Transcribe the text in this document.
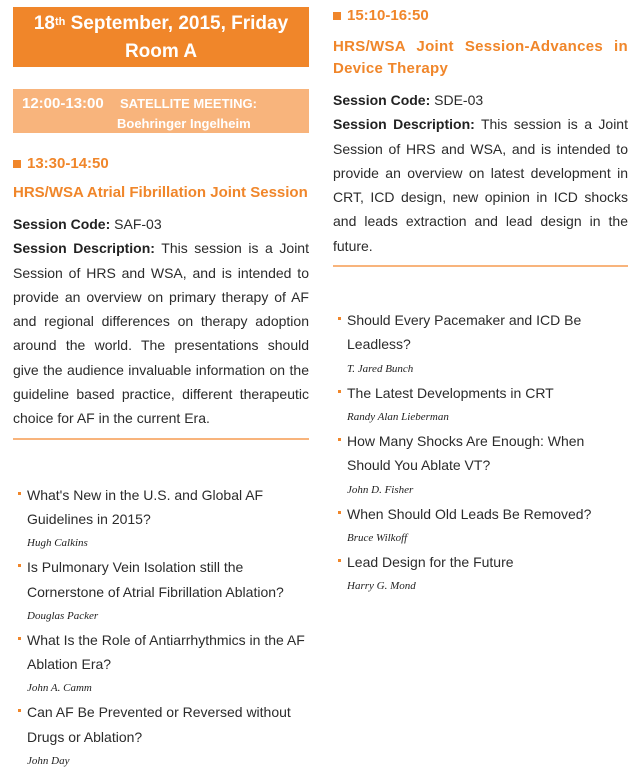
18th September, 2015, Friday
Room A
12:00-13:00 SATELLITE MEETING:
Boehringer Ingelheim
13:30-14:50
HRS/WSA Atrial Fibrillation Joint Session
Session Code: SAF-03
Session Description: This session is a Joint Session of HRS and WSA, and is intended to provide an overview on primary therapy of AF and regional differences on therapy adoption around the world. The presentations should give the audience invaluable information on the guideline based practice, different therapeutic choice for AF in the current Era.
What's New in the U.S. and Global AF Guidelines in 2015?
Hugh Calkins
Is Pulmonary Vein Isolation still the Cornerstone of Atrial Fibrillation Ablation?
Douglas Packer
What Is the Role of Antiarrhythmics in the AF Ablation Era?
John A. Camm
Can AF Be Prevented or Reversed without Drugs or Ablation?
John Day
15:10-16:50
HRS/WSA Joint Session-Advances in Device Therapy
Session Code: SDE-03
Session Description: This session is a Joint Session of HRS and WSA, and is intended to provide an overview on latest development in CRT, ICD design, new opinion in ICD shocks and leads extraction and lead design in the future.
Should Every Pacemaker and ICD Be Leadless?
T. Jared Bunch
The Latest Developments in CRT
Randy Alan Lieberman
How Many Shocks Are Enough: When Should You Ablate VT?
John D. Fisher
When Should Old Leads Be Removed?
Bruce Wilkoff
Lead Design for the Future
Harry G. Mond
